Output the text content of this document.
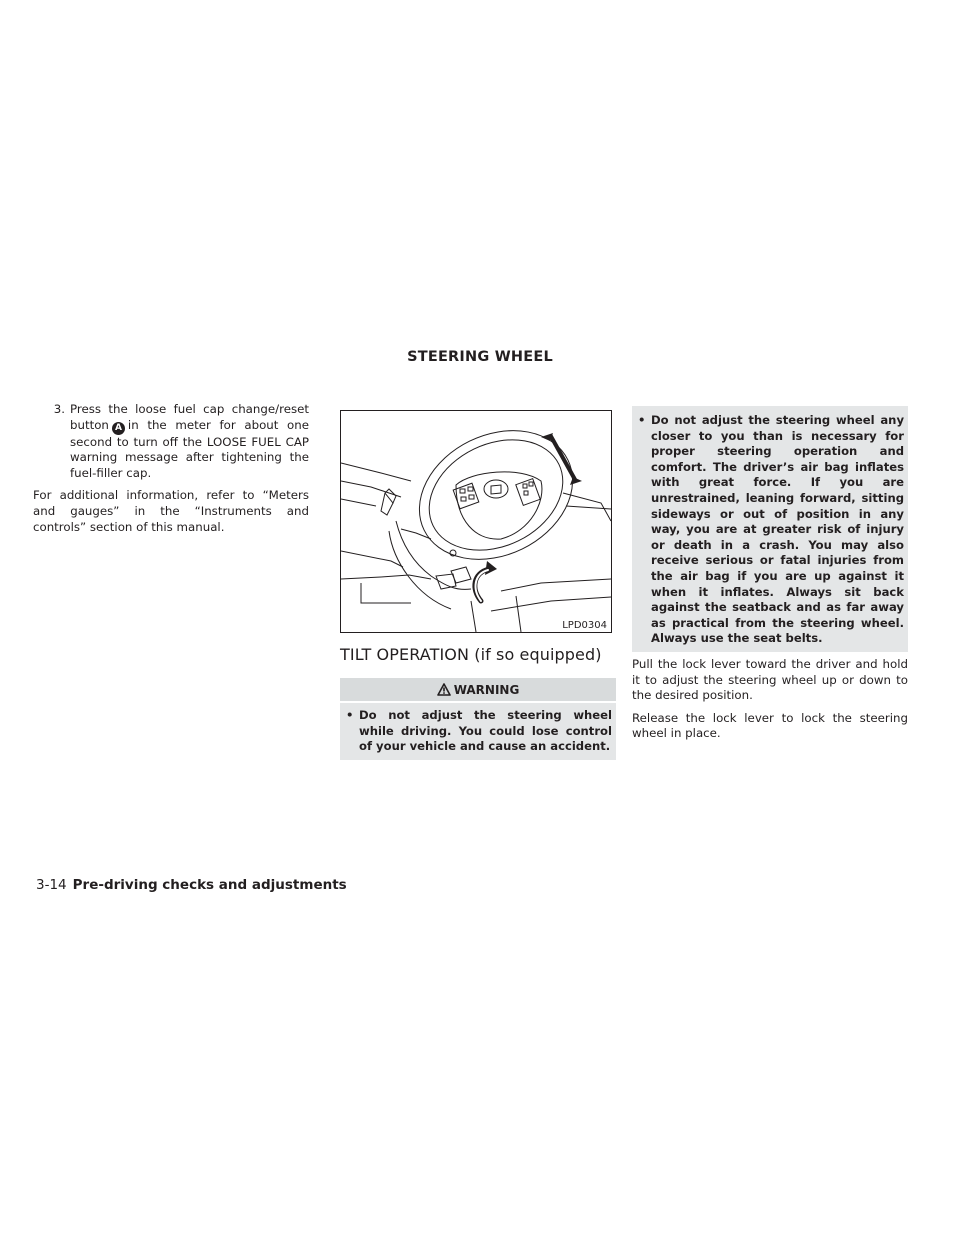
STEERING WHEEL

3. Press the loose fuel cap change/reset button A in the meter for about one second to turn off the LOOSE FUEL CAP warning message after tightening the fuel-filler cap.

For additional information, refer to “Meters and gauges” in the “Instruments and controls” section of this manual.

LPD0304
TILT OPERATION (if so equipped)
WARNING
• Do not adjust the steering wheel while driving. You could lose control of your vehicle and cause an accident.
• Do not adjust the steering wheel any closer to you than is necessary for proper steering operation and comfort. The driver’s air bag inflates with great force. If you are unrestrained, leaning forward, sitting sideways or out of position in any way, you are at greater risk of injury or death in a crash. You may also receive serious or fatal injuries from the air bag if you are up against it when it inflates. Always sit back against the seatback and as far away as practical from the steering wheel. Always use the seat belts.

Pull the lock lever toward the driver and hold it to adjust the steering wheel up or down to the desired position.

Release the lock lever to lock the steering wheel in place.

3-14 Pre-driving checks and adjustments
